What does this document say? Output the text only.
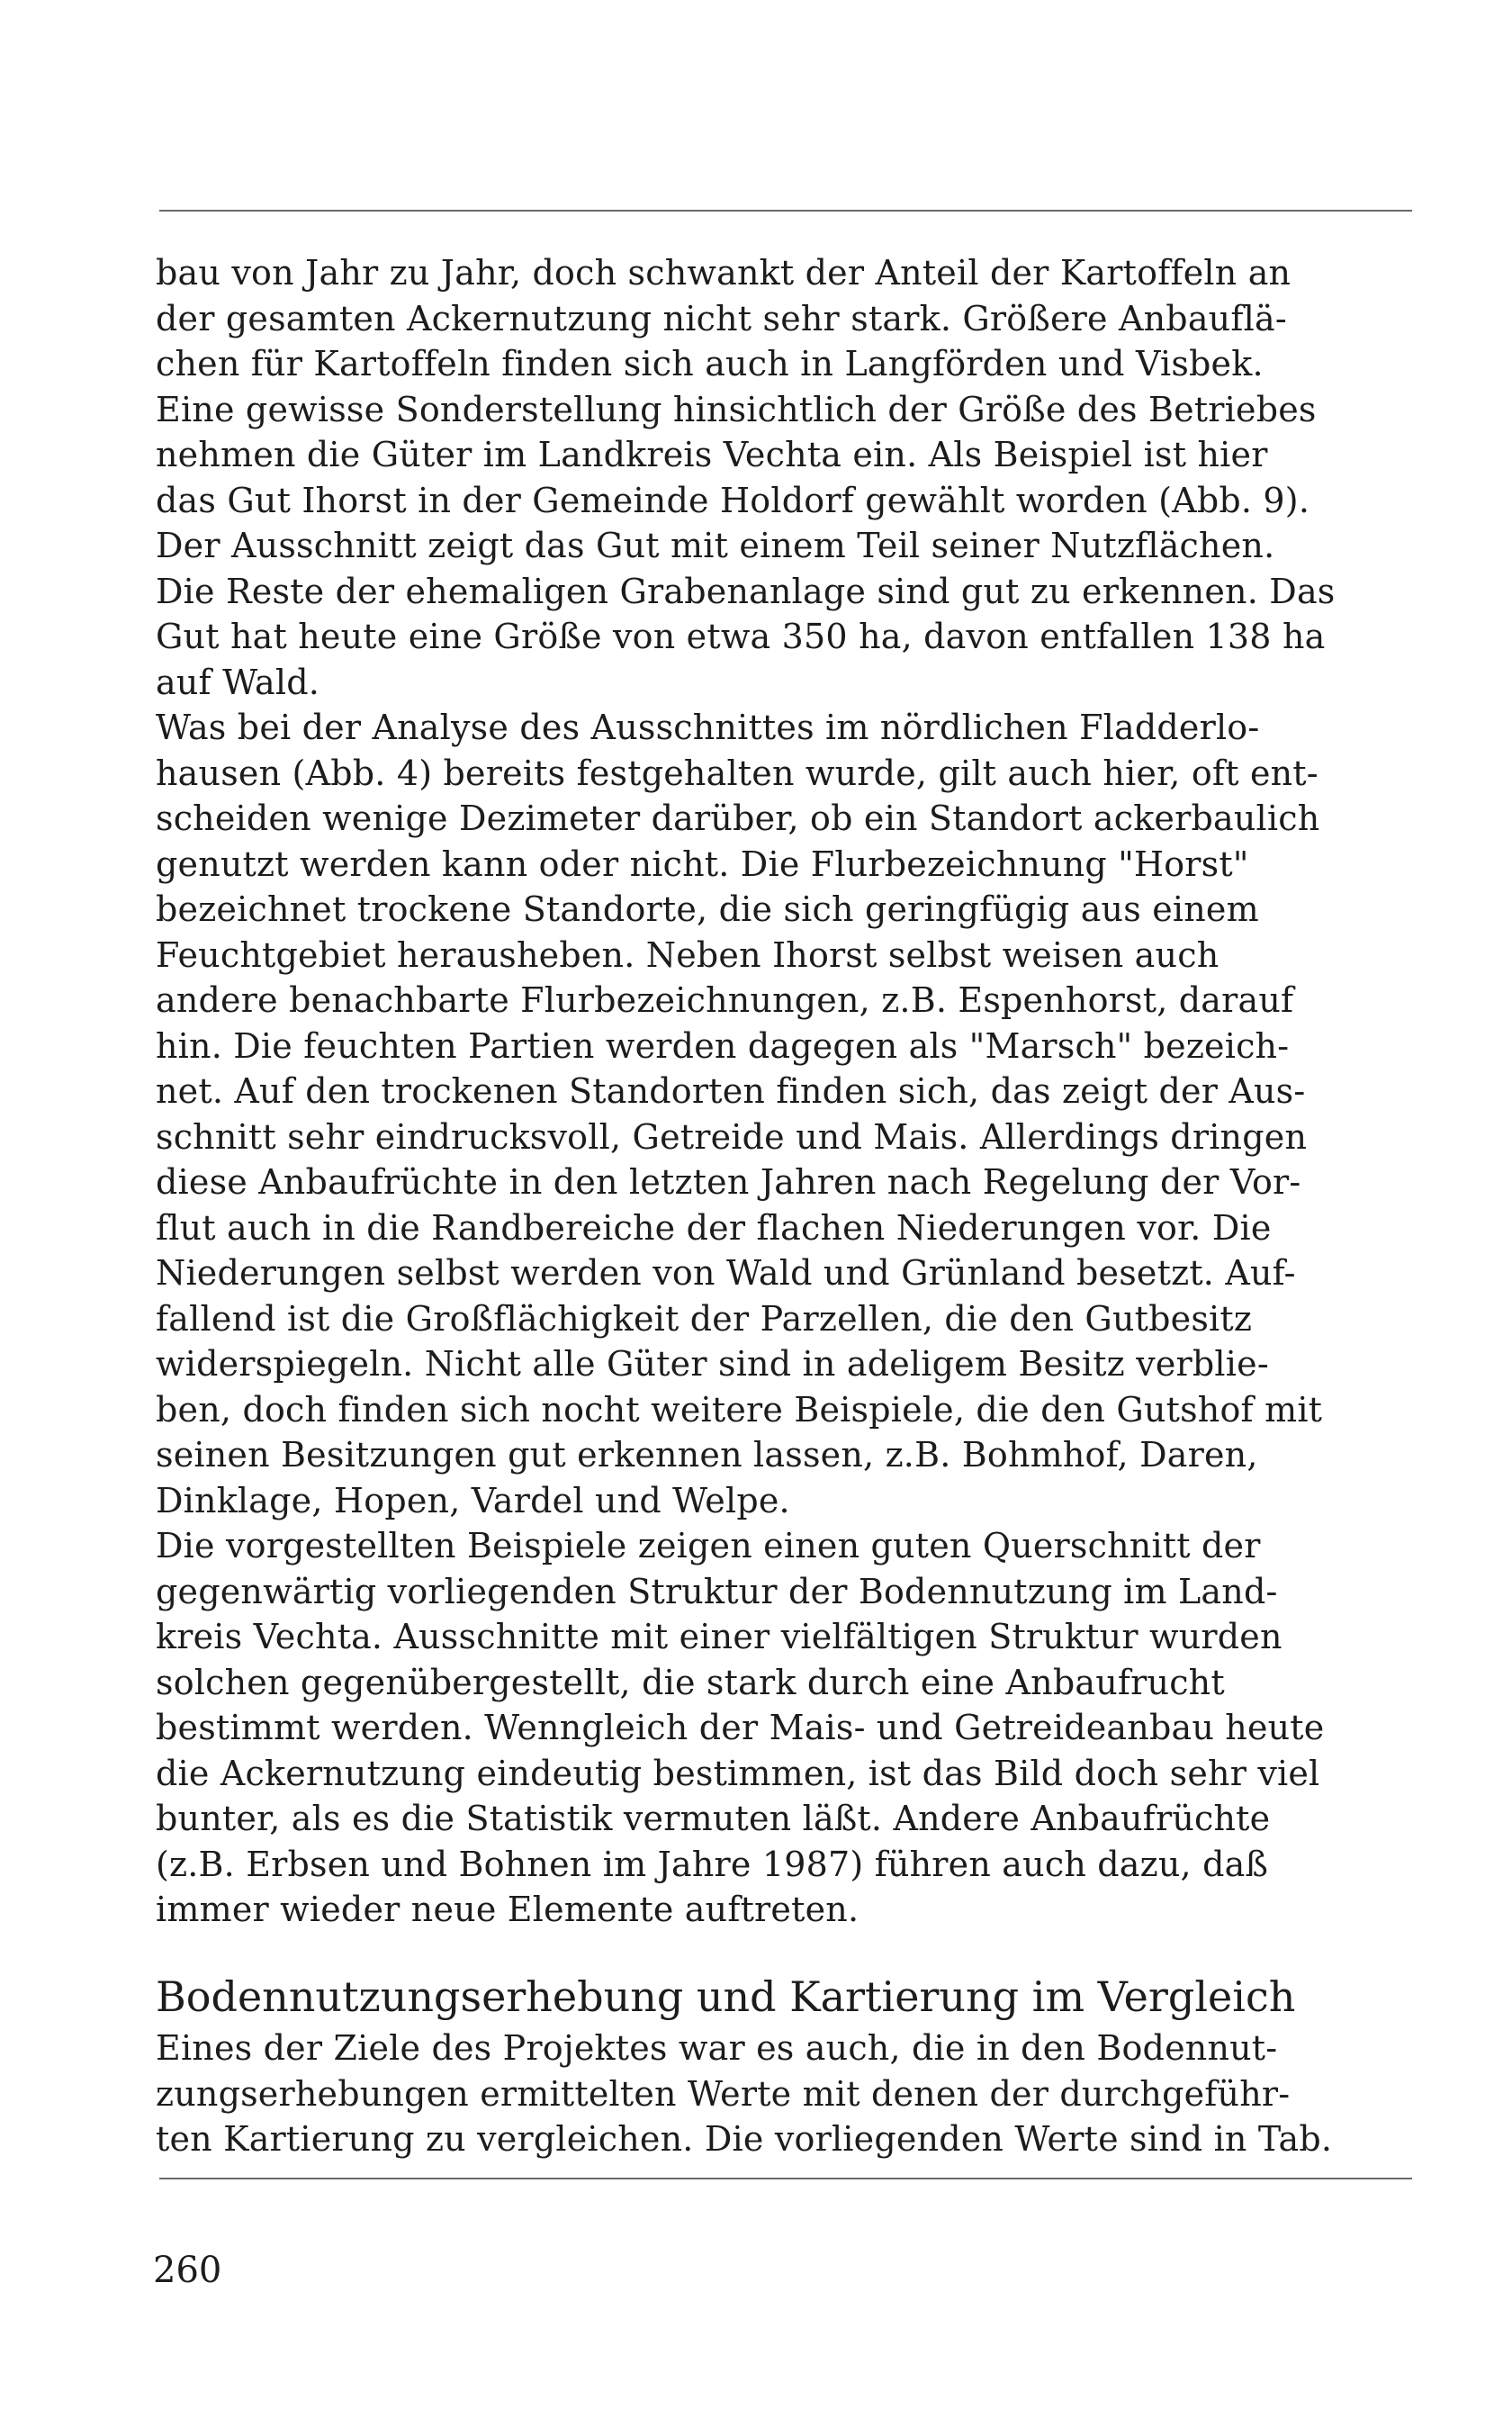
bau von Jahr zu Jahr, doch schwankt der Anteil der Kartoffeln an
der gesamten Ackernutzung nicht sehr stark. Größere Anbauflä-
chen für Kartoffeln finden sich auch in Langförden und Visbek.
Eine gewisse Sonderstellung hinsichtlich der Größe des Betriebes
nehmen die Güter im Landkreis Vechta ein. Als Beispiel ist hier
das Gut Ihorst in der Gemeinde Holdorf gewählt worden (Abb. 9).
Der Ausschnitt zeigt das Gut mit einem Teil seiner Nutzflächen.
Die Reste der ehemaligen Grabenanlage sind gut zu erkennen. Das
Gut hat heute eine Größe von etwa 350 ha, davon entfallen 138 ha
auf Wald.

Was bei der Analyse des Ausschnittes im nördlichen Fladderlo-
hausen (Abb. 4) bereits festgehalten wurde, gilt auch hier, oft ent-
scheiden wenige Dezimeter darüber, ob ein Standort ackerbaulich
genutzt werden kann oder nicht. Die Flurbezeichnung "Horst"
bezeichnet trockene Standorte, die sich geringfügig aus einem
Feuchtgebiet herausheben. Neben Ihorst selbst weisen auch
andere benachbarte Flurbezeichnungen, z.B. Espenhorst, darauf
hin. Die feuchten Partien werden dagegen als "Marsch" bezeich-
net. Auf den trockenen Standorten finden sich, das zeigt der Aus-
schnitt sehr eindrucksvoll, Getreide und Mais. Allerdings dringen
diese Anbaufrüchte in den letzten Jahren nach Regelung der Vor-
flut auch in die Randbereiche der flachen Niederungen vor. Die
Niederungen selbst werden von Wald und Grünland besetzt. Auf-
fallend ist die Großflächigkeit der Parzellen, die den Gutbesitz
widerspiegeln. Nicht alle Güter sind in adeligem Besitz verblie-
ben, doch finden sich nocht weitere Beispiele, die den Gutshof mit
seinen Besitzungen gut erkennen lassen, z.B. Bohmhof, Daren,
Dinklage, Hopen, Vardel und Welpe.

Die vorgestellten Beispiele zeigen einen guten Querschnitt der
gegenwärtig vorliegenden Struktur der Bodennutzung im Land-
kreis Vechta. Ausschnitte mit einer vielfältigen Struktur wurden
solchen gegenübergestellt, die stark durch eine Anbaufrucht
bestimmt werden. Wenngleich der Mais- und Getreideanbau heute
die Ackernutzung eindeutig bestimmen, ist das Bild doch sehr viel
bunter, als es die Statistik vermuten läßt. Andere Anbaufrüchte
(z.B. Erbsen und Bohnen im Jahre 1987) führen auch dazu, daß
immer wieder neue Elemente auftreten.

Bodennutzungserhebung und Kartierung im Vergleich
Eines der Ziele des Projektes war es auch, die in den Bodennut-
zungserhebungen ermittelten Werte mit denen der durchgeführ-
ten Kartierung zu vergleichen. Die vorliegenden Werte sind in Tab.
260
